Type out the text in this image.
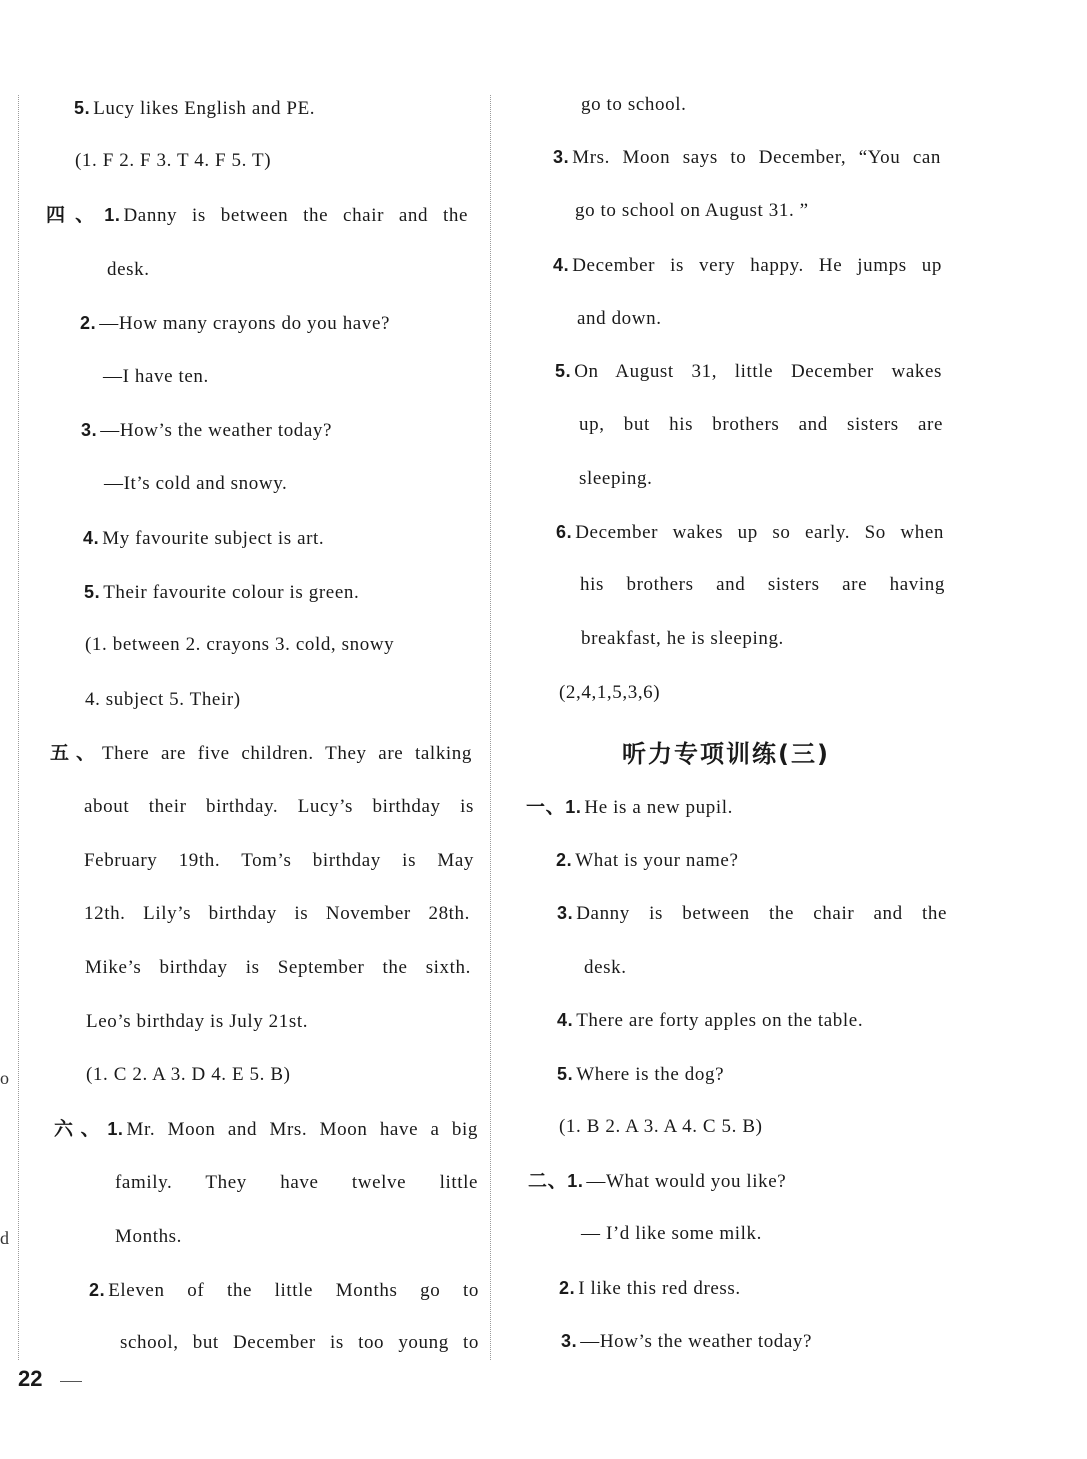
o
d
5. Lucy likes English and PE.
(1. F 2. F 3. T 4. F 5. T)
四、1. Danny is between the chair and the
desk.
2. —How many crayons do you have?
—I have ten.
3. —How’s the weather today?
—It’s cold and snowy.
4. My favourite subject is art.
5. Their favourite colour is green.
(1. between 2. crayons 3. cold, snowy
4. subject 5. Their)
五、There are five children. They are talking
about their birthday. Lucy’s birthday is
February 19th. Tom’s birthday is May
12th. Lily’s birthday is November 28th.
Mike’s birthday is September the sixth.
Leo’s birthday is July 21st.
(1. C 2. A 3. D 4. E 5. B)
六、1. Mr. Moon and Mrs. Moon have a big
family. They have twelve little
Months.
2. Eleven of the little Months go to
school, but December is too young to
go to school.
3. Mrs. Moon says to December, “You can
go to school on August 31. ”
4. December is very happy. He jumps up
and down.
5. On August 31, little December wakes
up, but his brothers and sisters are
sleeping.
6. December wakes up so early. So when
his brothers and sisters are having
breakfast, he is sleeping.
(2,4,1,5,3,6)
听力专项训练(三)
一、1. He is a new pupil.
2. What is your name?
3. Danny is between the chair and the
desk.
4. There are forty apples on the table.
5. Where is the dog?
(1. B 2. A 3. A 4. C 5. B)
二、1. —What would you like?
— I’d like some milk.
2. I like this red dress.
3. —How’s the weather today?
22
